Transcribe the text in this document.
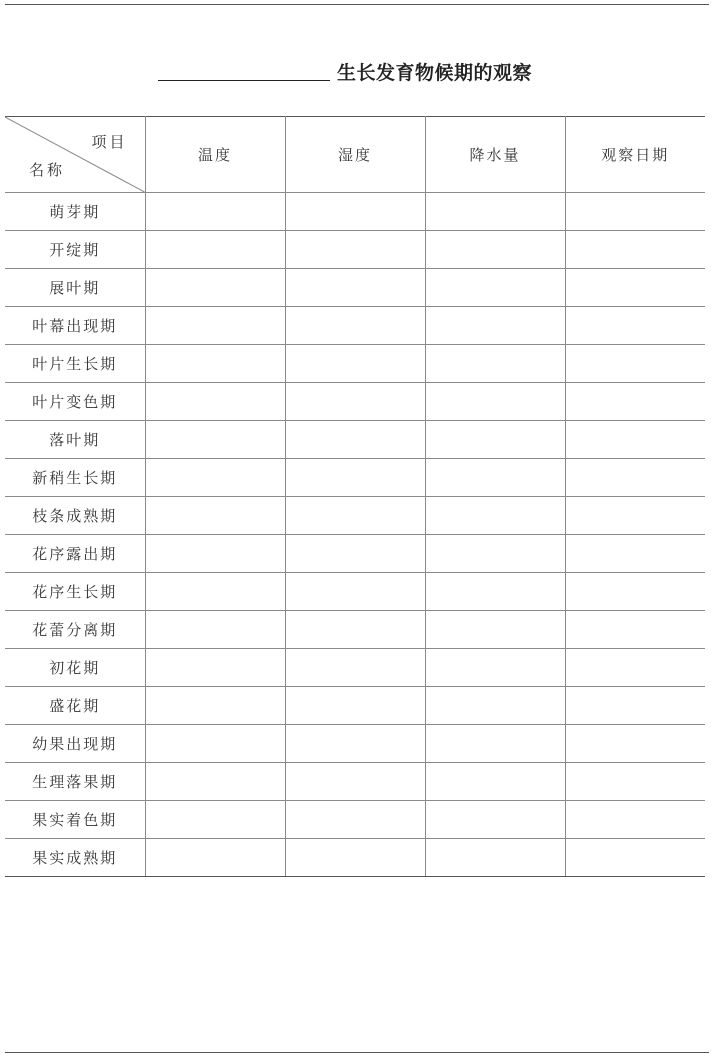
生长发育物候期的观察
项目
名称	温度	湿度	降水量	观察日期
萌芽期				
开绽期				
展叶期				
叶幕出现期				
叶片生长期				
叶片变色期				
落叶期				
新稍生长期				
枝条成熟期				
花序露出期				
花序生长期				
花蕾分离期				
初花期				
盛花期				
幼果出现期				
生理落果期				
果实着色期				
果实成熟期				
